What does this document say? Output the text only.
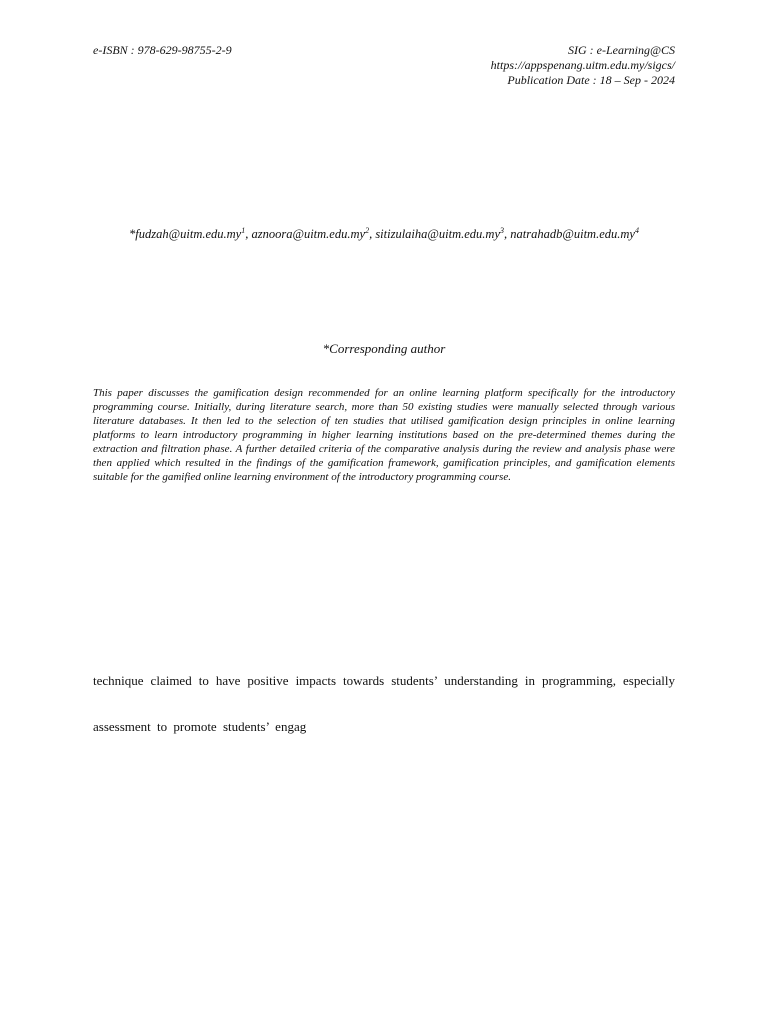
e-ISBN : 978-629-98755-2-9	SIG : e-Learning@CS
https://appspenang.uitm.edu.my/sigcs/
Publication Date : 18 – Sep - 2024
$*fudzah@uitm.edu.my^1$, $aznoora@uitm.edu.my^2$, $sitizulaiha@uitm.edu.my^3$, $natrahadb@uitm.edu.my^4$
*Corresponding author

This paper discusses the gamification design recommended for an online learning platform specifically for the introductory programming course. Initially, during literature search, more than 50 existing studies were manually selected through various literature databases. It then led to the selection of ten studies that utilised gamification design principles in online learning platforms to learn introductory programming in higher learning institutions based on the pre-determined themes during the extraction and filtration phase. A further detailed criteria of the comparative analysis during the review and analysis phase were then applied which resulted in the findings of the gamification framework, gamification principles, and gamification elements suitable for the gamified online learning environment of the introductory programming course.

technique claimed to have positive impacts towards students’ understanding in programming, especially
assessment to promote students’ engag
